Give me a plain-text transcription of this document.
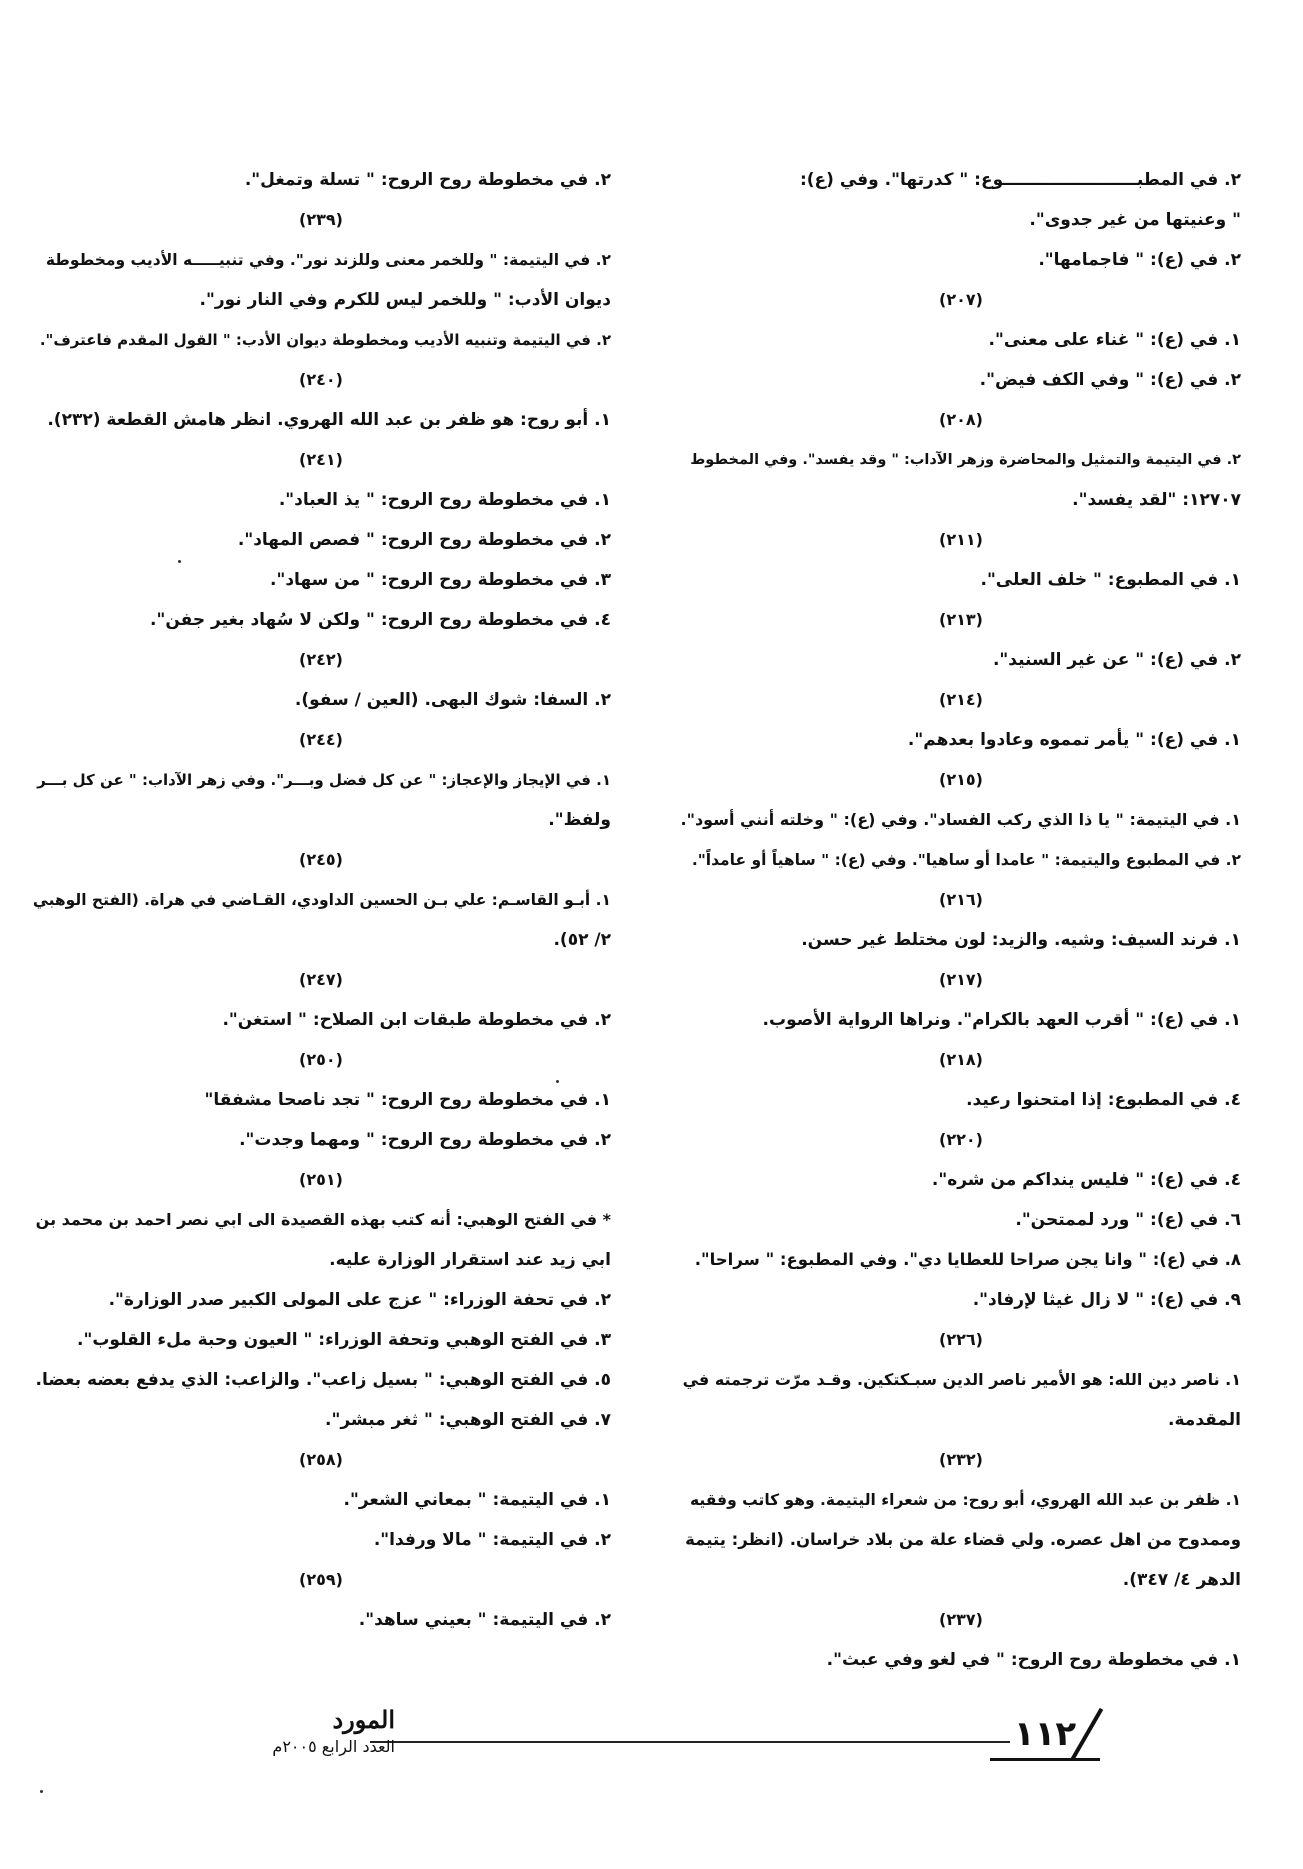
٢. في المطبـــــــــــــــــــــــوع: " كدرتها". وفي (ع):
" وعنيتها من غير جدوى".
٢. في (ع): " فاجمامها".
(٢٠٧)
١. في (ع): " غناء على معنى".
٢. في (ع): " وفي الكف فيض".
(٢٠٨)
٢. في اليتيمة والتمثيل والمحاضرة وزهر الآداب: " وقد يفسد". وفي المخطوط
١٢٧٠٧: "لقد يفسد".
(٢١١)
١. في المطبوع: " خلف العلى".
(٢١٣)
٢. في (ع): " عن غير السنيد".
(٢١٤)
١. في (ع): " يأمر تمموه وعادوا بعدهم".
(٢١٥)
١. في اليتيمة: " يا ذا الذي ركب الفساد". وفي (ع): " وخلته أنني أسود".
٢. في المطبوع واليتيمة: " عامدا أو ساهيا". وفي (ع): " ساهياً أو عامداً".
(٢١٦)
١. فرند السيف: وشيه. والزيد: لون مختلط غير حسن.
(٢١٧)
١. في (ع): " أقرب العهد بالكرام". ونراها الرواية الأصوب.
(٢١٨)
٤. في المطبوع: إذا امتحنوا رعيد.
(٢٢٠)
٤. في (ع): " فليس ينداكم من شره".
٦. في (ع): " ورد لممتحن".
٨. في (ع): " وانا يجن صراحا للعطايا دي". وفي المطبوع: " سراحا".
٩. في (ع): " لا زال غيثا لإرفاد".
(٢٢٦)
١. ناصر دين الله: هو الأمير ناصر الدين سبـكتكين. وقـد مرّت ترجمته في
المقدمة.
(٢٣٢)
١. ظفر بن عبد الله الهروي، أبو روح: من شعراء اليتيمة. وهو كاتب وفقيه
وممدوح من اهل عصره. ولي قضاء علة من بلاد خراسان. (انظر: يتيمة
الدهر ٤/ ٣٤٧).
(٢٣٧)
١. في مخطوطة روح الروح: " في لغو وفي عبث".
٢. في مخطوطة روح الروح: " تسلة وتمغل".
(٢٣٩)
٢. في اليتيمة: " وللخمر معنى وللزند نور". وفي تنبيـــــه الأديب ومخطوطة
ديوان الأدب: " وللخمر ليس للكرم وفي النار نور".
٢. في اليتيمة وتنبيه الأديب ومخطوطة ديوان الأدب: " القول المقدم فاعترف".
(٢٤٠)
١. أبو روح: هو ظفر بن عبد الله الهروي. انظر هامش القطعة (٢٣٢).
(٢٤١)
١. في مخطوطة روح الروح: " يذ العباد".
٢. في مخطوطة روح الروح: " فصص المهاد".
٣. في مخطوطة روح الروح: " من سهاد".
٤. في مخطوطة روح الروح: " ولكن لا سُهاد بغير جفن".
(٢٤٢)
٢. السفا: شوك البهى. (العين / سفو).
(٢٤٤)
١. في الإيجاز والإعجاز: " عن كل فضل وبـــر". وفي زهر الآداب: " عن كل بـــر
ولفظ".
(٢٤٥)
١. أبـو القاسـم: علي بـن الحسين الداودي، القـاضي في هراة. (الفتح الوهبي
٢/ ٥٢).
(٢٤٧)
٢. في مخطوطة طبقات ابن الصلاح: " استغن".
(٢٥٠)
١. في مخطوطة روح الروح: " تجد ناصحا مشفقا"
٢. في مخطوطة روح الروح: " ومهما وجدت".
(٢٥١)
* في الفتح الوهبي: أنه كتب بهذه القصيدة الى ابي نصر احمد بن محمد بن
ابي زيد عند استقرار الوزارة عليه.
٢. في تحفة الوزراء: " عزج على المولى الكبير صدر الوزارة".
٣. في الفتح الوهبي وتحفة الوزراء: " العيون وحبة ملء القلوب".
٥. في الفتح الوهبي: " بسيل زاعب". والزاعب: الذي يدفع بعضه بعضا.
٧. في الفتح الوهبي: " ثغر مبشر".
(٢٥٨)
١. في اليتيمة: " بمعاني الشعر".
٢. في اليتيمة: " مالا ورفدا".
(٢٥٩)
٢. في اليتيمة: " بعيني ساهد".
١١٢
المورد
العدد الرابع ٢٠٠٥م
